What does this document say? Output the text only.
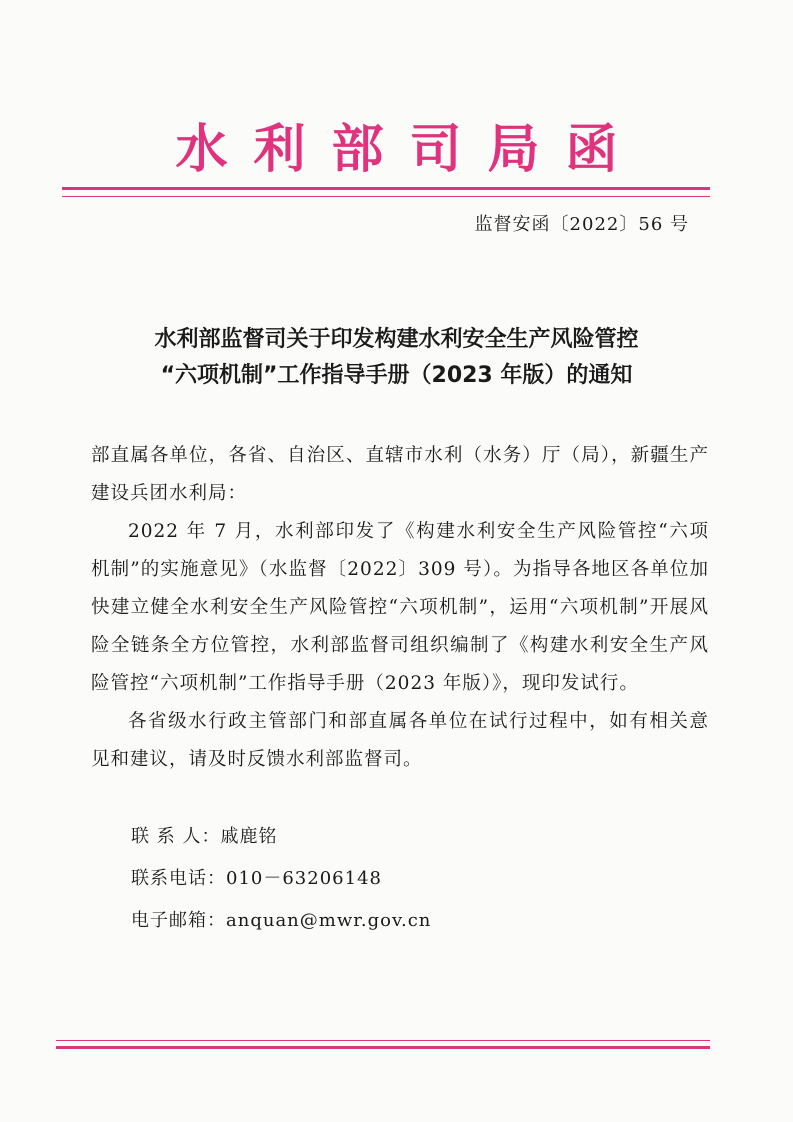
水利部司局函
监督安函〔2022〕56 号
水利部监督司关于印发构建水利安全生产风险管控
“六项机制”工作指导手册（2023 年版）的通知

部直属各单位，各省、自治区、直辖市水利（水务）厅（局），新疆生产建设兵团水利局：

2022 年 7 月，水利部印发了《构建水利安全生产风险管控“六项机制”的实施意见》（水监督〔2022〕309 号）。为指导各地区各单位加快建立健全水利安全生产风险管控“六项机制”，运用“六项机制”开展风险全链条全方位管控，水利部监督司组织编制了《构建水利安全生产风险管控“六项机制”工作指导手册（2023 年版）》，现印发试行。

各省级水行政主管部门和部直属各单位在试行过程中，如有相关意见和建议，请及时反馈水利部监督司。

联 系 人：戚鹿铭
联系电话：010－63206148
电子邮箱：anquan@mwr.gov.cn
